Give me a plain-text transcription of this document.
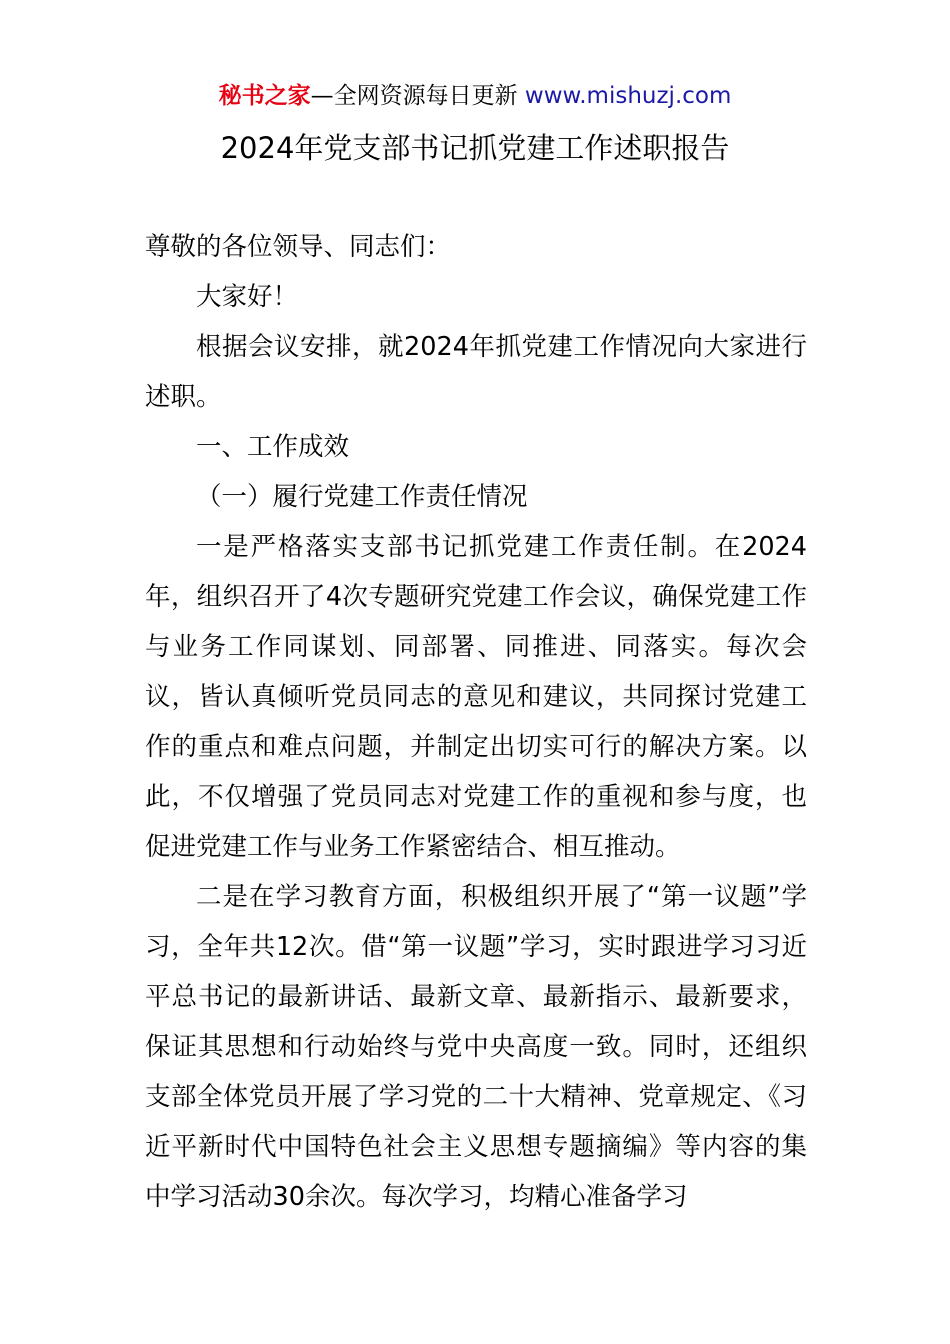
秘书之家—全网资源每日更新 www.mishuzj.com
2024年党支部书记抓党建工作述职报告

尊敬的各位领导、同志们：

大家好！

根据会议安排，就2024年抓党建工作情况向大家进行述职。

一、工作成效

（一）履行党建工作责任情况

一是严格落实支部书记抓党建工作责任制。在2024年，组织召开了4次专题研究党建工作会议，确保党建工作与业务工作同谋划、同部署、同推进、同落实。每次会议，皆认真倾听党员同志的意见和建议，共同探讨党建工作的重点和难点问题，并制定出切实可行的解决方案。以此，不仅增强了党员同志对党建工作的重视和参与度，也促进党建工作与业务工作紧密结合、相互推动。

二是在学习教育方面，积极组织开展了“第一议题”学习，全年共12次。借“第一议题”学习，实时跟进学习习近平总书记的最新讲话、最新文章、最新指示、最新要求，保证其思想和行动始终与党中央高度一致。同时，还组织支部全体党员开展了学习党的二十大精神、党章规定、《习近平新时代中国特色社会主义思想专题摘编》等内容的集中学习活动30余次。每次学习，均精心准备学习
